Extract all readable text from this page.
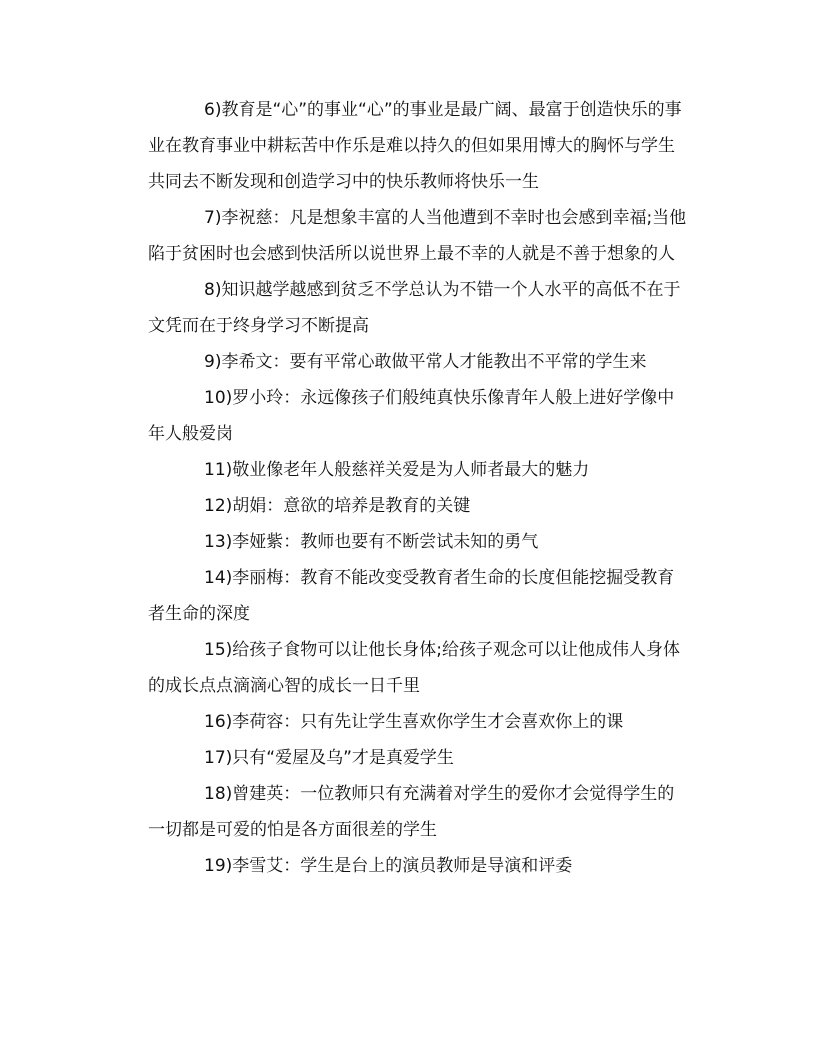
6)教育是“心”的事业“心”的事业是最广阔、最富于创造快乐的事业在教育事业中耕耘苦中作乐是难以持久的但如果用博大的胸怀与学生共同去不断发现和创造学习中的快乐教师将快乐一生

7)李祝慈：凡是想象丰富的人当他遭到不幸时也会感到幸福;当他陷于贫困时也会感到快活所以说世界上最不幸的人就是不善于想象的人

8)知识越学越感到贫乏不学总认为不错一个人水平的高低不在于文凭而在于终身学习不断提高

9)李希文：要有平常心敢做平常人才能教出不平常的学生来

10)罗小玲：永远像孩子们般纯真快乐像青年人般上进好学像中年人般爱岗

11)敬业像老年人般慈祥关爱是为人师者最大的魅力

12)胡娟：意欲的培养是教育的关键

13)李娅紫：教师也要有不断尝试未知的勇气

14)李丽梅：教育不能改变受教育者生命的长度但能挖掘受教育者生命的深度

15)给孩子食物可以让他长身体;给孩子观念可以让他成伟人身体的成长点点滴滴心智的成长一日千里

16)李荷容：只有先让学生喜欢你学生才会喜欢你上的课

17)只有“爱屋及乌”才是真爱学生

18)曾建英：一位教师只有充满着对学生的爱你才会觉得学生的一切都是可爱的怕是各方面很差的学生

19)李雪艾：学生是台上的演员教师是导演和评委
